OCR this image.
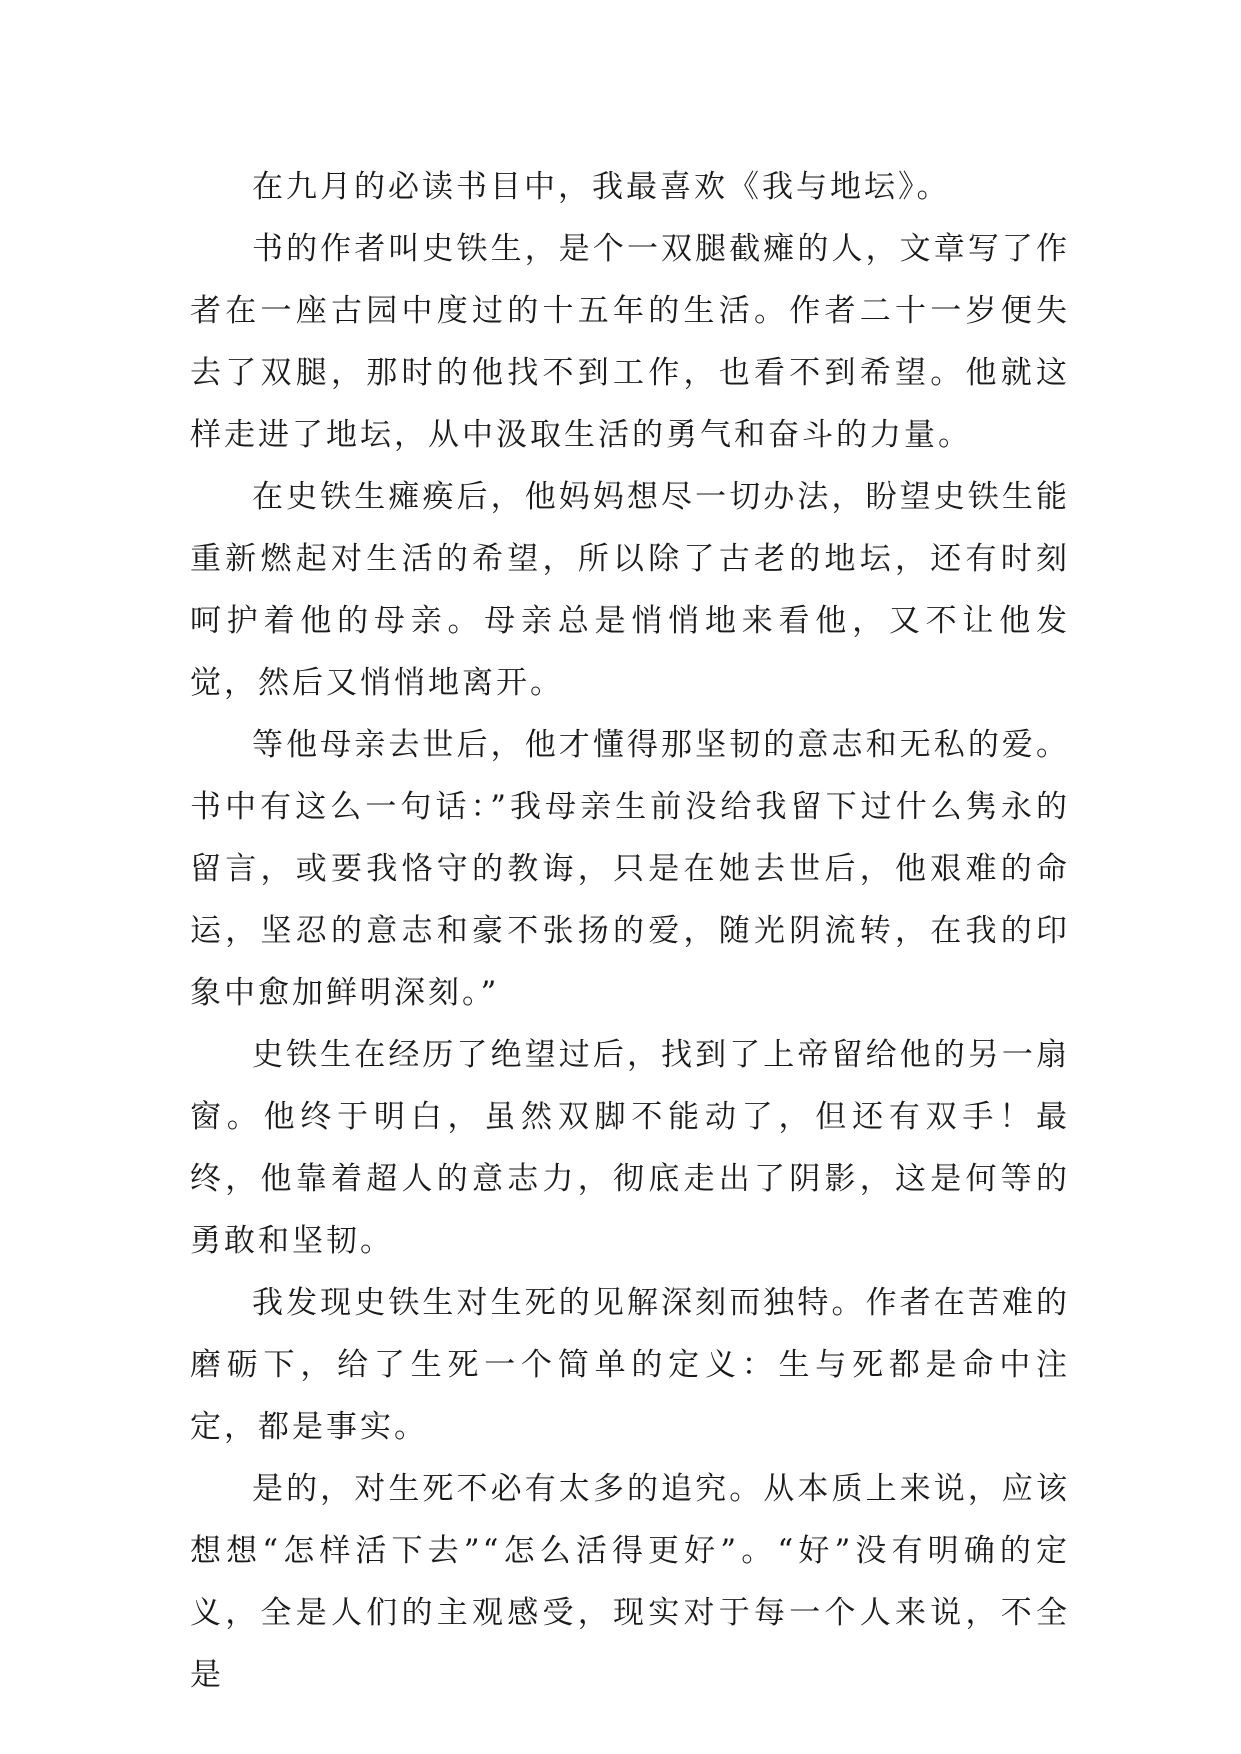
在九月的必读书目中，我最喜欢《我与地坛》。

书的作者叫史铁生，是个一双腿截瘫的人，文章写了作者在一座古园中度过的十五年的生活。作者二十一岁便失去了双腿，那时的他找不到工作，也看不到希望。他就这样走进了地坛，从中汲取生活的勇气和奋斗的力量。

在史铁生瘫痪后，他妈妈想尽一切办法，盼望史铁生能重新燃起对生活的希望，所以除了古老的地坛，还有时刻呵护着他的母亲。母亲总是悄悄地来看他，又不让他发觉，然后又悄悄地离开。

等他母亲去世后，他才懂得那坚韧的意志和无私的爱。书中有这么一句话：”我母亲生前没给我留下过什么隽永的留言，或要我恪守的教诲，只是在她去世后，他艰难的命运，坚忍的意志和豪不张扬的爱，随光阴流转，在我的印象中愈加鲜明深刻。”

史铁生在经历了绝望过后，找到了上帝留给他的另一扇窗。他终于明白，虽然双脚不能动了，但还有双手！最终，他靠着超人的意志力，彻底走出了阴影，这是何等的勇敢和坚韧。

我发现史铁生对生死的见解深刻而独特。作者在苦难的磨砺下，给了生死一个简单的定义：生与死都是命中注定，都是事实。

是的，对生死不必有太多的追究。从本质上来说，应该想想“怎样活下去”“怎么活得更好”。“好”没有明确的定义，全是人们的主观感受，现实对于每一个人来说，不全是
